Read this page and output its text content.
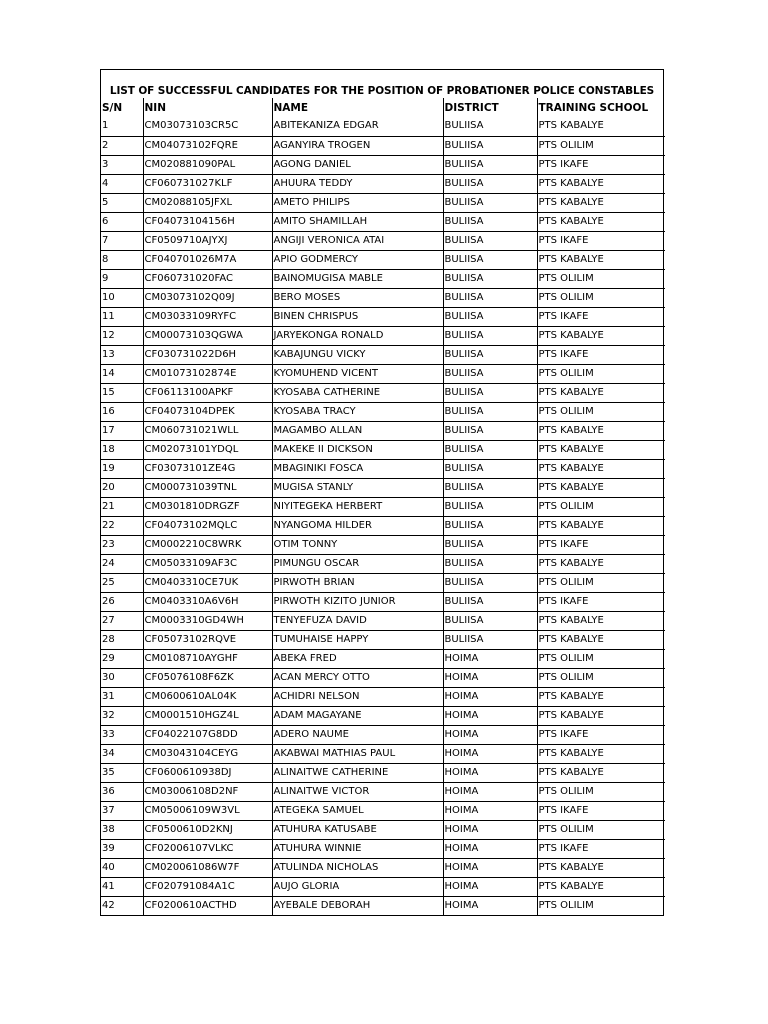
LIST OF SUCCESSFUL CANDIDATES FOR THE POSITION OF PROBATIONER POLICE CONSTABLES
S/N	NIN	NAME	DISTRICT	TRAINING SCHOOL
1	CM03073103CR5C	ABITEKANIZA EDGAR	BULIISA	PTS KABALYE
2	CM04073102FQRE	AGANYIRA TROGEN	BULIISA	PTS OLILIM
3	CM020881090PAL	AGONG DANIEL	BULIISA	PTS IKAFE
4	CF060731027KLF	AHUURA TEDDY	BULIISA	PTS KABALYE
5	CM02088105JFXL	AMETO PHILIPS	BULIISA	PTS KABALYE
6	CF04073104156H	AMITO SHAMILLAH	BULIISA	PTS KABALYE
7	CF0509710AJYXJ	ANGIJI VERONICA ATAI	BULIISA	PTS IKAFE
8	CF040701026M7A	APIO GODMERCY	BULIISA	PTS KABALYE
9	CF060731020FAC	BAINOMUGISA MABLE	BULIISA	PTS OLILIM
10	CM03073102Q09J	BERO MOSES	BULIISA	PTS OLILIM
11	CM03033109RYFC	BINEN CHRISPUS	BULIISA	PTS IKAFE
12	CM00073103QGWA	JARYEKONGA RONALD	BULIISA	PTS KABALYE
13	CF030731022D6H	KABAJUNGU VICKY	BULIISA	PTS IKAFE
14	CM01073102874E	KYOMUHEND VICENT	BULIISA	PTS OLILIM
15	CF06113100APKF	KYOSABA CATHERINE	BULIISA	PTS KABALYE
16	CF04073104DPEK	KYOSABA TRACY	BULIISA	PTS OLILIM
17	CM060731021WLL	MAGAMBO ALLAN	BULIISA	PTS KABALYE
18	CM02073101YDQL	MAKEKE II DICKSON	BULIISA	PTS KABALYE
19	CF03073101ZE4G	MBAGINIKI FOSCA	BULIISA	PTS KABALYE
20	CM000731039TNL	MUGISA STANLY	BULIISA	PTS KABALYE
21	CM0301810DRGZF	NIYITEGEKA HERBERT	BULIISA	PTS OLILIM
22	CF04073102MQLC	NYANGOMA HILDER	BULIISA	PTS KABALYE
23	CM0002210C8WRK	OTIM TONNY	BULIISA	PTS IKAFE
24	CM05033109AF3C	PIMUNGU OSCAR	BULIISA	PTS KABALYE
25	CM0403310CE7UK	PIRWOTH BRIAN	BULIISA	PTS OLILIM
26	CM0403310A6V6H	PIRWOTH KIZITO JUNIOR	BULIISA	PTS IKAFE
27	CM0003310GD4WH	TENYEFUZA DAVID	BULIISA	PTS KABALYE
28	CF05073102RQVE	TUMUHAISE HAPPY	BULIISA	PTS KABALYE
29	CM0108710AYGHF	ABEKA FRED	HOIMA	PTS OLILIM
30	CF05076108F6ZK	ACAN MERCY OTTO	HOIMA	PTS OLILIM
31	CM0600610AL04K	ACHIDRI NELSON	HOIMA	PTS KABALYE
32	CM0001510HGZ4L	ADAM MAGAYANE	HOIMA	PTS KABALYE
33	CF04022107G8DD	ADERO NAUME	HOIMA	PTS IKAFE
34	CM03043104CEYG	AKABWAI MATHIAS PAUL	HOIMA	PTS KABALYE
35	CF0600610938DJ	ALINAITWE CATHERINE	HOIMA	PTS KABALYE
36	CM03006108D2NF	ALINAITWE VICTOR	HOIMA	PTS OLILIM
37	CM05006109W3VL	ATEGEKA SAMUEL	HOIMA	PTS IKAFE
38	CF0500610D2KNJ	ATUHURA KATUSABE	HOIMA	PTS OLILIM
39	CF02006107VLKC	ATUHURA WINNIE	HOIMA	PTS IKAFE
40	CM020061086W7F	ATULINDA NICHOLAS	HOIMA	PTS KABALYE
41	CF020791084A1C	AUJO GLORIA	HOIMA	PTS KABALYE
42	CF0200610ACTHD	AYEBALE DEBORAH	HOIMA	PTS OLILIM
